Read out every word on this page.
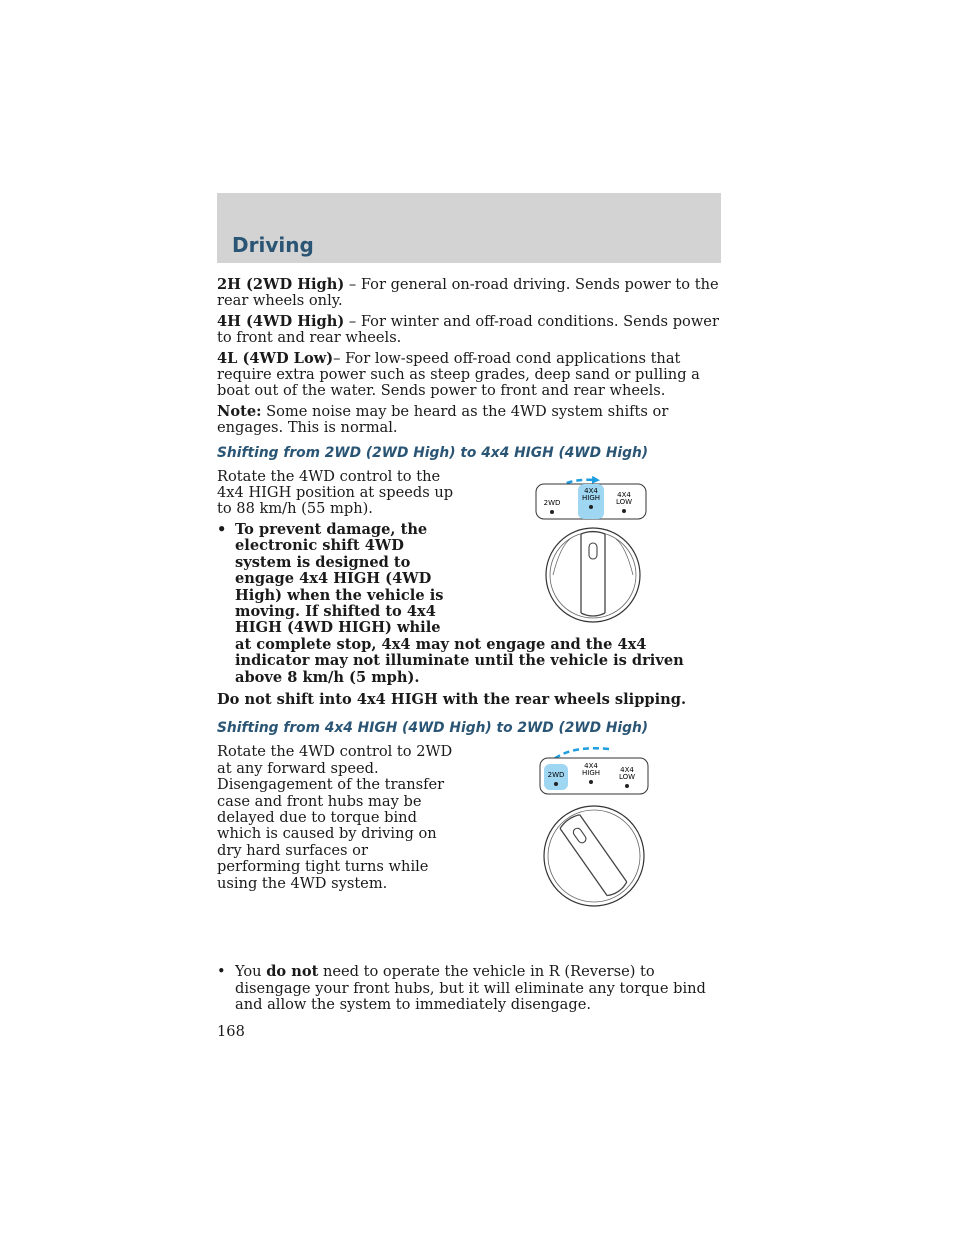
Driving

2H (2WD High) – For general on-road driving. Sends power to the rear wheels only.

4H (4WD High) – For winter and off-road conditions. Sends power to front and rear wheels.

4L (4WD Low)– For low-speed off-road cond applications that require extra power such as steep grades, deep sand or pulling a boat out of the water. Sends power to front and rear wheels.

Note: Some noise may be heard as the 4WD system shifts or engages. This is normal.

Shifting from 2WD (2WD High) to 4x4 HIGH (4WD High)
2WD
4X4
HIGH 4X4
LOW

Rotate the 4WD control to the 4x4 HIGH position at speeds up to 88 km/h (55 mph).

• To prevent damage, the electronic shift 4WD system is designed to engage 4x4 HIGH (4WD High) when the vehicle is moving. If shifted to 4x4 HIGH (4WD HIGH) while at complete stop, 4x4 may not engage and the 4x4 indicator may not illuminate until the vehicle is driven above 8 km/h (5 mph).

Do not shift into 4x4 HIGH with the rear wheels slipping.

Shifting from 4x4 HIGH (4WD High) to 2WD (2WD High)
2WD
4X4
HIGH	4X4
LOW

Rotate the 4WD control to 2WD at any forward speed. Disengagement of the transfer case and front hubs may be delayed due to torque bind which is caused by driving on dry hard surfaces or performing tight turns while using the 4WD system.

• You do not need to operate the vehicle in R (Reverse) to disengage your front hubs, but it will eliminate any torque bind and allow the system to immediately disengage.
168
